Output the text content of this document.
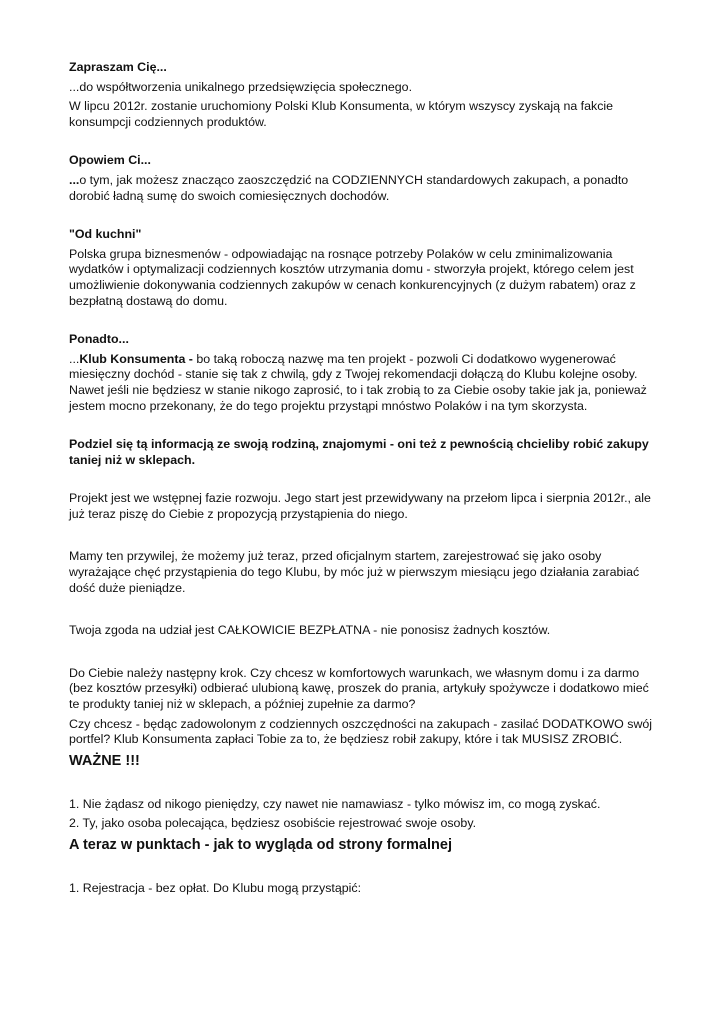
Zapraszam Cię...

...do współtworzenia unikalnego przedsięwzięcia społecznego.

W lipcu 2012r. zostanie uruchomiony Polski Klub Konsumenta, w którym wszyscy zyskają na fakcie konsumpcji codziennych produktów.

Opowiem Ci...

...o tym, jak możesz znacząco zaoszczędzić na CODZIENNYCH standardowych zakupach, a ponadto dorobić ładną sumę do swoich comiesięcznych dochodów.

"Od kuchni"

Polska grupa biznesmenów - odpowiadając na rosnące potrzeby Polaków w celu zminimalizowania wydatków i optymalizacji codziennych kosztów utrzymania domu - stworzyła projekt, którego celem jest umożliwienie dokonywania codziennych zakupów w cenach konkurencyjnych (z dużym rabatem) oraz z bezpłatną dostawą do domu.

Ponadto...

...Klub Konsumenta - bo taką roboczą nazwę ma ten projekt - pozwoli Ci dodatkowo wygenerować miesięczny dochód - stanie się tak z chwilą, gdy z Twojej rekomendacji dołączą do Klubu kolejne osoby. Nawet jeśli nie będziesz w stanie nikogo zaprosić, to i tak zrobią to za Ciebie osoby takie jak ja, ponieważ jestem mocno przekonany, że do tego projektu przystąpi mnóstwo Polaków i na tym skorzysta.

Podziel się tą informacją ze swoją rodziną, znajomymi - oni też z pewnością chcieliby robić zakupy taniej niż w sklepach.

Projekt jest we wstępnej fazie rozwoju. Jego start jest przewidywany na przełom lipca i sierpnia 2012r., ale już teraz piszę do Ciebie z propozycją przystąpienia do niego.

Mamy ten przywilej, że możemy już teraz, przed oficjalnym startem, zarejestrować się jako osoby wyrażające chęć przystąpienia do tego Klubu, by móc już w pierwszym miesiącu jego działania zarabiać dość duże pieniądze.

Twoja zgoda na udział jest CAŁKOWICIE BEZPŁATNA - nie ponosisz żadnych kosztów.

Do Ciebie należy następny krok. Czy chcesz w komfortowych warunkach, we własnym domu i za darmo (bez kosztów przesyłki) odbierać ulubioną kawę, proszek do prania, artykuły spożywcze i dodatkowo mieć te produkty taniej niż w sklepach, a później zupełnie za darmo?

Czy chcesz - będąc zadowolonym z codziennych oszczędności na zakupach - zasilać DODATKOWO swój portfel? Klub Konsumenta zapłaci Tobie za to, że będziesz robił zakupy, które i tak MUSISZ ZROBIĆ.

WAŻNE !!!

1. Nie żądasz od nikogo pieniędzy, czy nawet nie namawiasz - tylko mówisz im, co mogą zyskać.

2. Ty, jako osoba polecająca, będziesz osobiście rejestrować swoje osoby.

A teraz w punktach - jak to wygląda od strony formalnej

1. Rejestracja - bez opłat. Do Klubu mogą przystąpić:
